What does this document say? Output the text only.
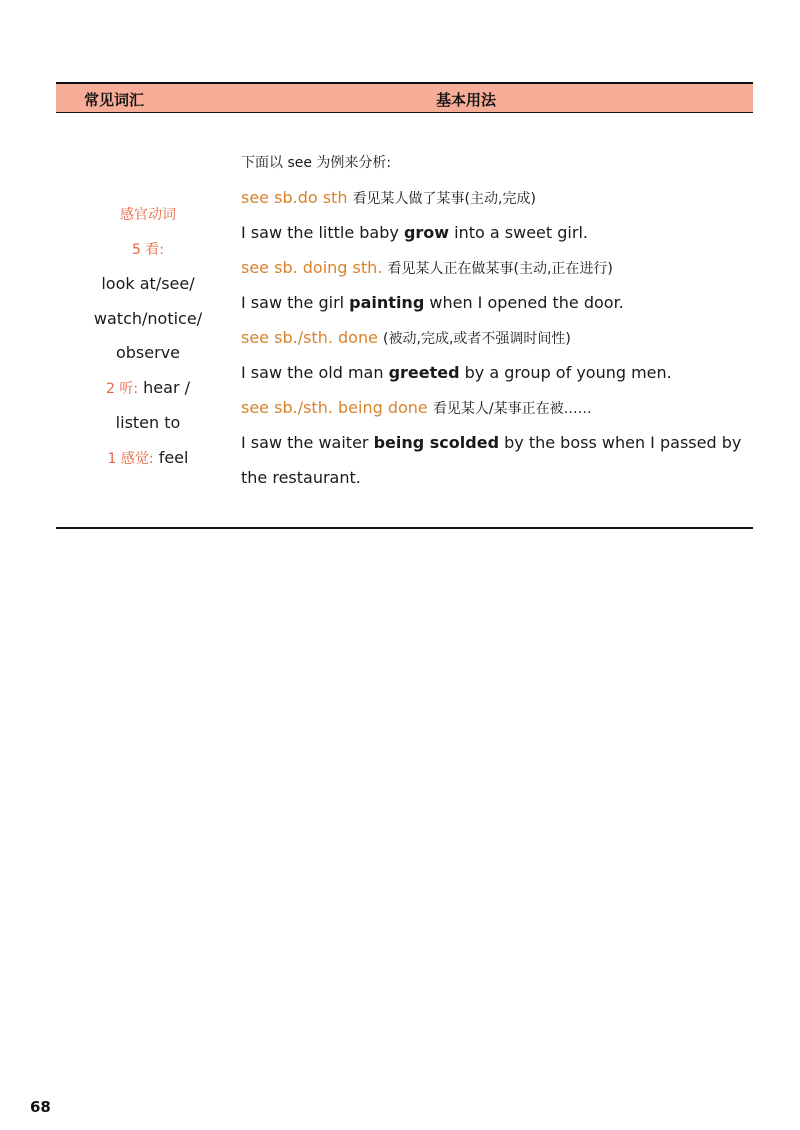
常见词汇	基本用法
感官动词
5 看:
look at/see/
watch/notice/
observe
2 听: hear /
listen to
1 感觉: feel
下面以 see 为例来分析:
see sb.do sth 看见某人做了某事(主动,完成)
I saw the little baby grow into a sweet girl.
see sb. doing sth. 看见某人正在做某事(主动,正在进行)
I saw the girl painting when I opened the door.
see sb./sth. done (被动,完成,或者不强调时间性)
I saw the old man greeted by a group of young men.
see sb./sth. being done 看见某人/某事正在被……
I saw the waiter being scolded by the boss when I passed by
the restaurant.
68
